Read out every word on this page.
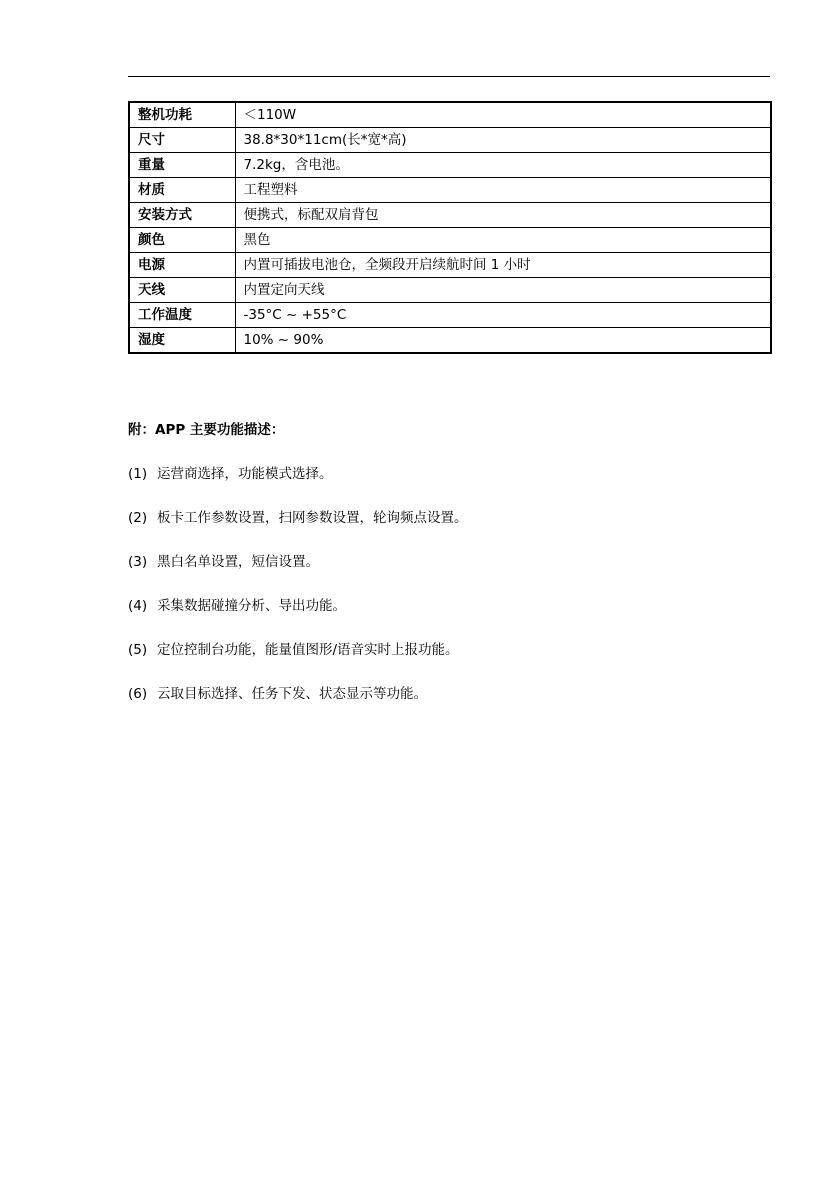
整机功耗	＜110W
尺寸	38.8*30*11cm(长*宽*高)
重量	7.2kg，含电池。
材质	工程塑料
安装方式	便携式，标配双肩背包
颜色	黑色
电源	内置可插拔电池仓，全频段开启续航时间 1 小时
天线	内置定向天线
工作温度	-35°C ~ +55°C
湿度	10% ~ 90%
附：APP 主要功能描述：
(1) 运营商选择，功能模式选择。
(2) 板卡工作参数设置，扫网参数设置，轮询频点设置。
(3) 黑白名单设置，短信设置。
(4) 采集数据碰撞分析、导出功能。
(5) 定位控制台功能，能量值图形/语音实时上报功能。
(6) 云取目标选择、任务下发、状态显示等功能。
